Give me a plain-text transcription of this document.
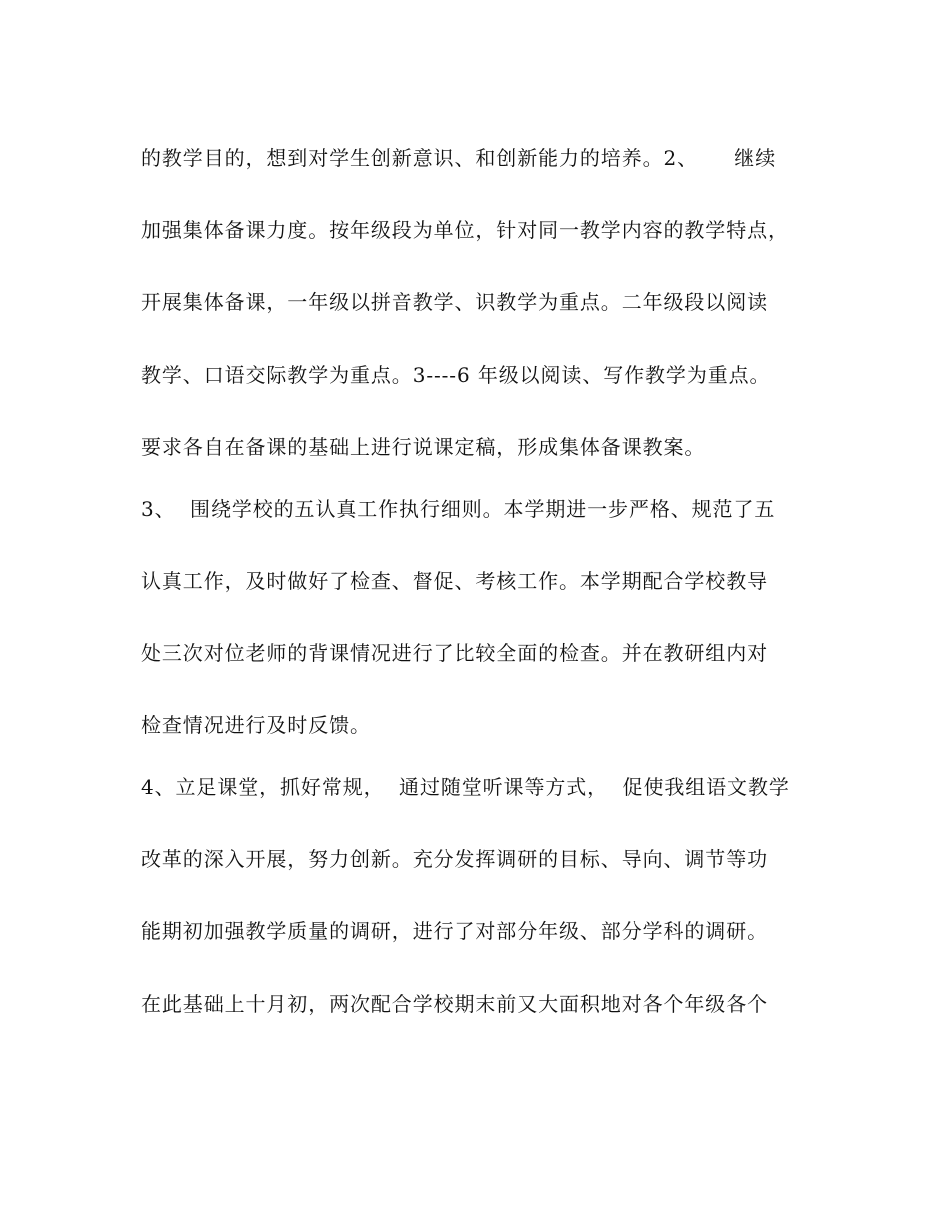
的教学目的，想到对学生创新意识、和创新能力的培养。2、     继续
加强集体备课力度。按年级段为单位，针对同一教学内容的教学特点，
开展集体备课，一年级以拼音教学、识教学为重点。二年级段以阅读
教学、口语交际教学为重点。3----6 年级以阅读、写作教学为重点。
要求各自在备课的基础上进行说课定稿，形成集体备课教案。
3、  围绕学校的五认真工作执行细则。本学期进一步严格、规范了五
认真工作，及时做好了检查、督促、考核工作。本学期配合学校教导
处三次对位老师的背课情况进行了比较全面的检查。并在教研组内对
检查情况进行及时反馈。
4、立足课堂，抓好常规，  通过随堂听课等方式，  促使我组语文教学
改革的深入开展，努力创新。充分发挥调研的目标、导向、调节等功
能期初加强教学质量的调研，进行了对部分年级、部分学科的调研。
在此基础上十月初，两次配合学校期末前又大面积地对各个年级各个
